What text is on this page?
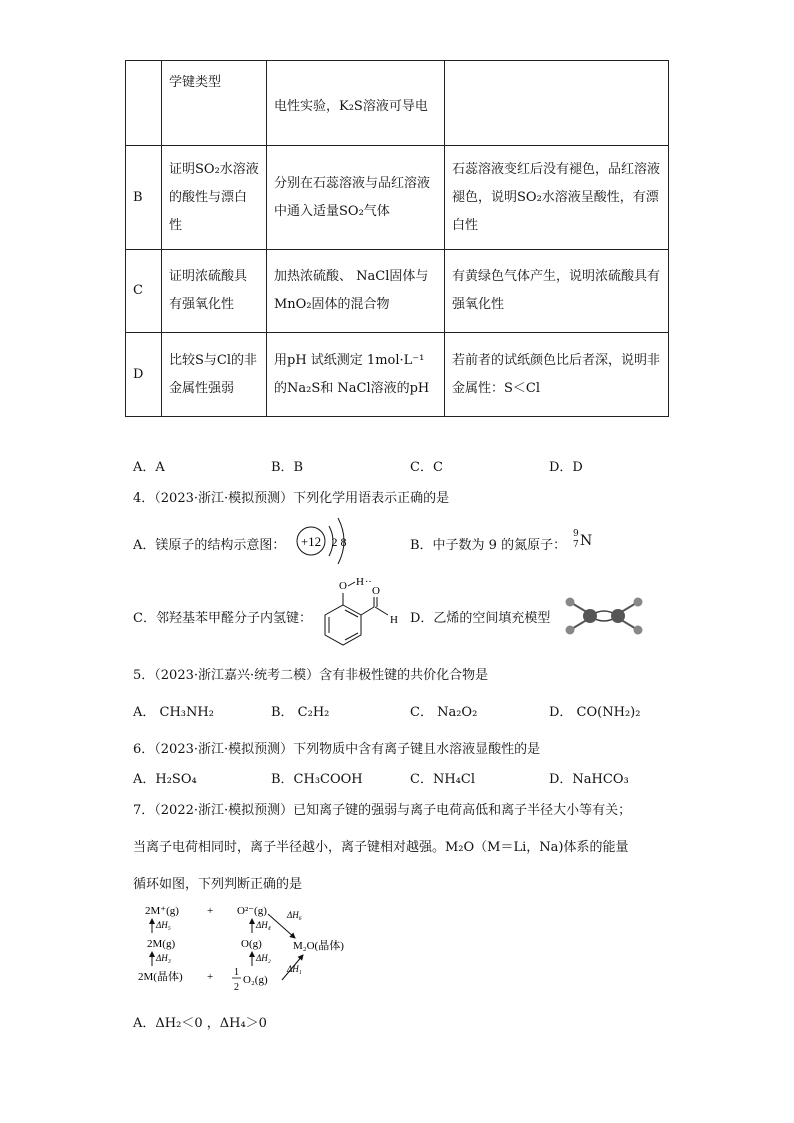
	学键类型	电性实验，K₂S溶液可导电	
B	证明SO₂水溶液的酸性与漂白性	分别在石蕊溶液与品红溶液中通入适量SO₂气体	石蕊溶液变红后没有褪色，品红溶液褪色，说明SO₂水溶液呈酸性，有漂白性
C	证明浓硫酸具有强氧化性	加热浓硫酸、 NaCl固体与MnO₂固体的混合物	有黄绿色气体产生，说明浓硫酸具有强氧化性
D	比较S与Cl的非金属性强弱	用pH 试纸测定 1mol·L⁻¹的Na₂S和 NaCl溶液的pH	若前者的试纸颜色比后者深，说明非金属性：S＜Cl
A．A	B．B	C．C	D．D
4．（2023·浙江·模拟预测）下列化学用语表示正确的是
A．镁原子的结构示意图： +12 2 8	B．中子数为 9 的氮原子：
9
7 N
C．邻羟基苯甲醛分子内氢键：
O H ··
O
H D．乙烯的空间填充模型
5．（2023·浙江嘉兴·统考二模）含有非极性键的共价化合物是
A． CH₃NH₂	B． C₂H₂	C． Na₂O₂	D． CO(NH₂)₂
6．（2023·浙江·模拟预测）下列物质中含有离子键且水溶液显酸性的是
A．H₂SO₄	B．CH₃COOH	C．NH₄Cl	D．NaHCO₃
7．（2022·浙江·模拟预测）已知离子键的强弱与离子电荷高低和离子半径大小等有关；
当离子电荷相同时，离子半径越小，离子键相对越强。M₂O（M＝Li，Na)体系的能量
循环如图，下列判断正确的是
2M⁺(g)	+ O²⁻(g)
ΔH₅	ΔH₄
ΔH₆
2M(g)	O(g)	M₂O(晶体)
ΔH₃	ΔH₂
ΔH₁
2M(晶体) + 1
2
O₂(g)
A．ΔH₂＜0 ，ΔH₄＞0
